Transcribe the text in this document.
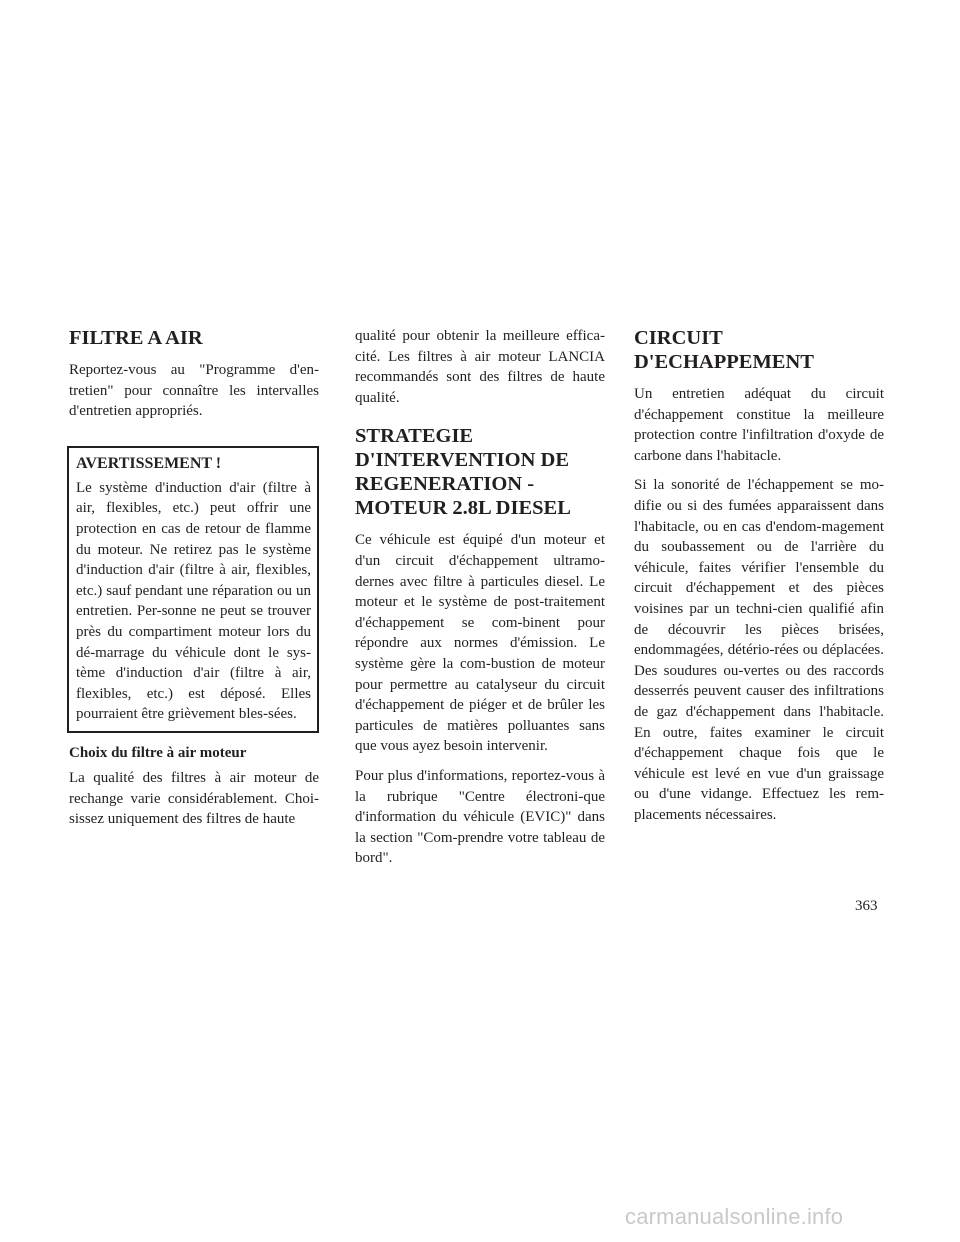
FILTRE A AIR

Reportez-vous au "Programme d'en-tretien" pour connaître les intervalles d'entretien appropriés.

AVERTISSEMENT !

Le système d'induction d'air (filtre à air, flexibles, etc.) peut offrir une protection en cas de retour de flamme du moteur. Ne retirez pas le système d'induction d'air (filtre à air, flexibles, etc.) sauf pendant une réparation ou un entretien. Per-sonne ne peut se trouver près du compartiment moteur lors du dé-marrage du véhicule dont le sys-tème d'induction d'air (filtre à air, flexibles, etc.) est déposé. Elles pourraient être grièvement bles-sées.

Choix du filtre à air moteur

La qualité des filtres à air moteur de rechange varie considérablement. Choi-sissez uniquement des filtres de haute

qualité pour obtenir la meilleure effica-cité. Les filtres à air moteur LANCIA recommandés sont des filtres de haute qualité.

STRATEGIE D'INTERVENTION DE REGENERATION - MOTEUR 2.8L DIESEL

Ce véhicule est équipé d'un moteur et d'un circuit d'échappement ultramo-dernes avec filtre à particules diesel. Le moteur et le système de post-traitement d'échappement se com-binent pour répondre aux normes d'émission. Le système gère la com-bustion de moteur pour permettre au catalyseur du circuit d'échappement de piéger et de brûler les particules de matières polluantes sans que vous ayez besoin intervenir.

Pour plus d'informations, reportez-vous à la rubrique "Centre électroni-que d'information du véhicule (EVIC)" dans la section "Com-prendre votre tableau de bord".

CIRCUIT D'ECHAPPEMENT

Un entretien adéquat du circuit d'échappement constitue la meilleure protection contre l'infiltration d'oxyde de carbone dans l'habitacle.

Si la sonorité de l'échappement se mo-difie ou si des fumées apparaissent dans l'habitacle, ou en cas d'endom-magement du soubassement ou de l'arrière du véhicule, faites vérifier l'ensemble du circuit d'échappement et des pièces voisines par un techni-cien qualifié afin de découvrir les pièces brisées, endommagées, détério-rées ou déplacées. Des soudures ou-vertes ou des raccords desserrés peuvent causer des infiltrations de gaz d'échappement dans l'habitacle. En outre, faites examiner le circuit d'échappement chaque fois que le véhicule est levé en vue d'un graissage ou d'une vidange. Effectuez les rem-placements nécessaires.

363
carmanualsonline.info
